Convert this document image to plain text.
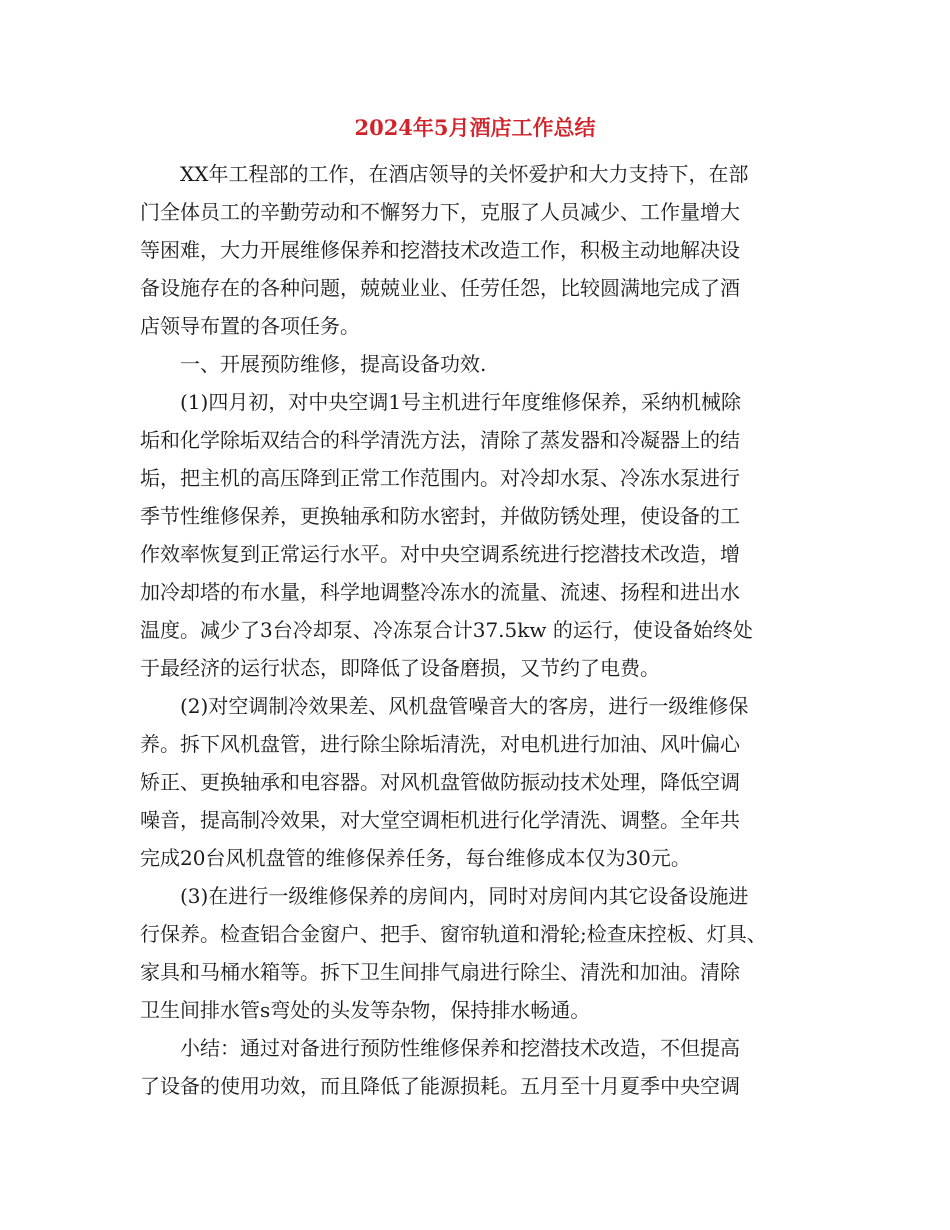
2024年5月酒店工作总结

XX年工程部的工作，在酒店领导的关怀爱护和大力支持下，在部
门全体员工的辛勤劳动和不懈努力下，克服了人员减少、工作量增大
等困难，大力开展维修保养和挖潜技术改造工作，积极主动地解决设
备设施存在的各种问题，兢兢业业、任劳任怨，比较圆满地完成了酒
店领导布置的各项任务。

一、开展预防维修，提高设备功效.

(1)四月初，对中央空调1号主机进行年度维修保养，采纳机械除
垢和化学除垢双结合的科学清洗方法，清除了蒸发器和冷凝器上的结
垢，把主机的高压降到正常工作范围内。对冷却水泵、冷冻水泵进行
季节性维修保养，更换轴承和防水密封，并做防锈处理，使设备的工
作效率恢复到正常运行水平。对中央空调系统进行挖潜技术改造，增
加冷却塔的布水量，科学地调整冷冻水的流量、流速、扬程和进出水
温度。减少了3台冷却泵、冷冻泵合计37.5kw 的运行，使设备始终处
于最经济的运行状态，即降低了设备磨损，又节约了电费。

(2)对空调制冷效果差、风机盘管噪音大的客房，进行一级维修保
养。拆下风机盘管，进行除尘除垢清洗，对电机进行加油、风叶偏心
矫正、更换轴承和电容器。对风机盘管做防振动技术处理，降低空调
噪音，提高制冷效果，对大堂空调柜机进行化学清洗、调整。全年共
完成20台风机盘管的维修保养任务，每台维修成本仅为30元。

(3)在进行一级维修保养的房间内，同时对房间内其它设备设施进
行保养。检查铝合金窗户、把手、窗帘轨道和滑轮;检查床控板、灯具、
家具和马桶水箱等。拆下卫生间排气扇进行除尘、清洗和加油。清除
卫生间排水管s弯处的头发等杂物，保持排水畅通。

小结：通过对备进行预防性维修保养和挖潜技术改造，不但提高
了设备的使用功效，而且降低了能源损耗。五月至十月夏季中央空调
